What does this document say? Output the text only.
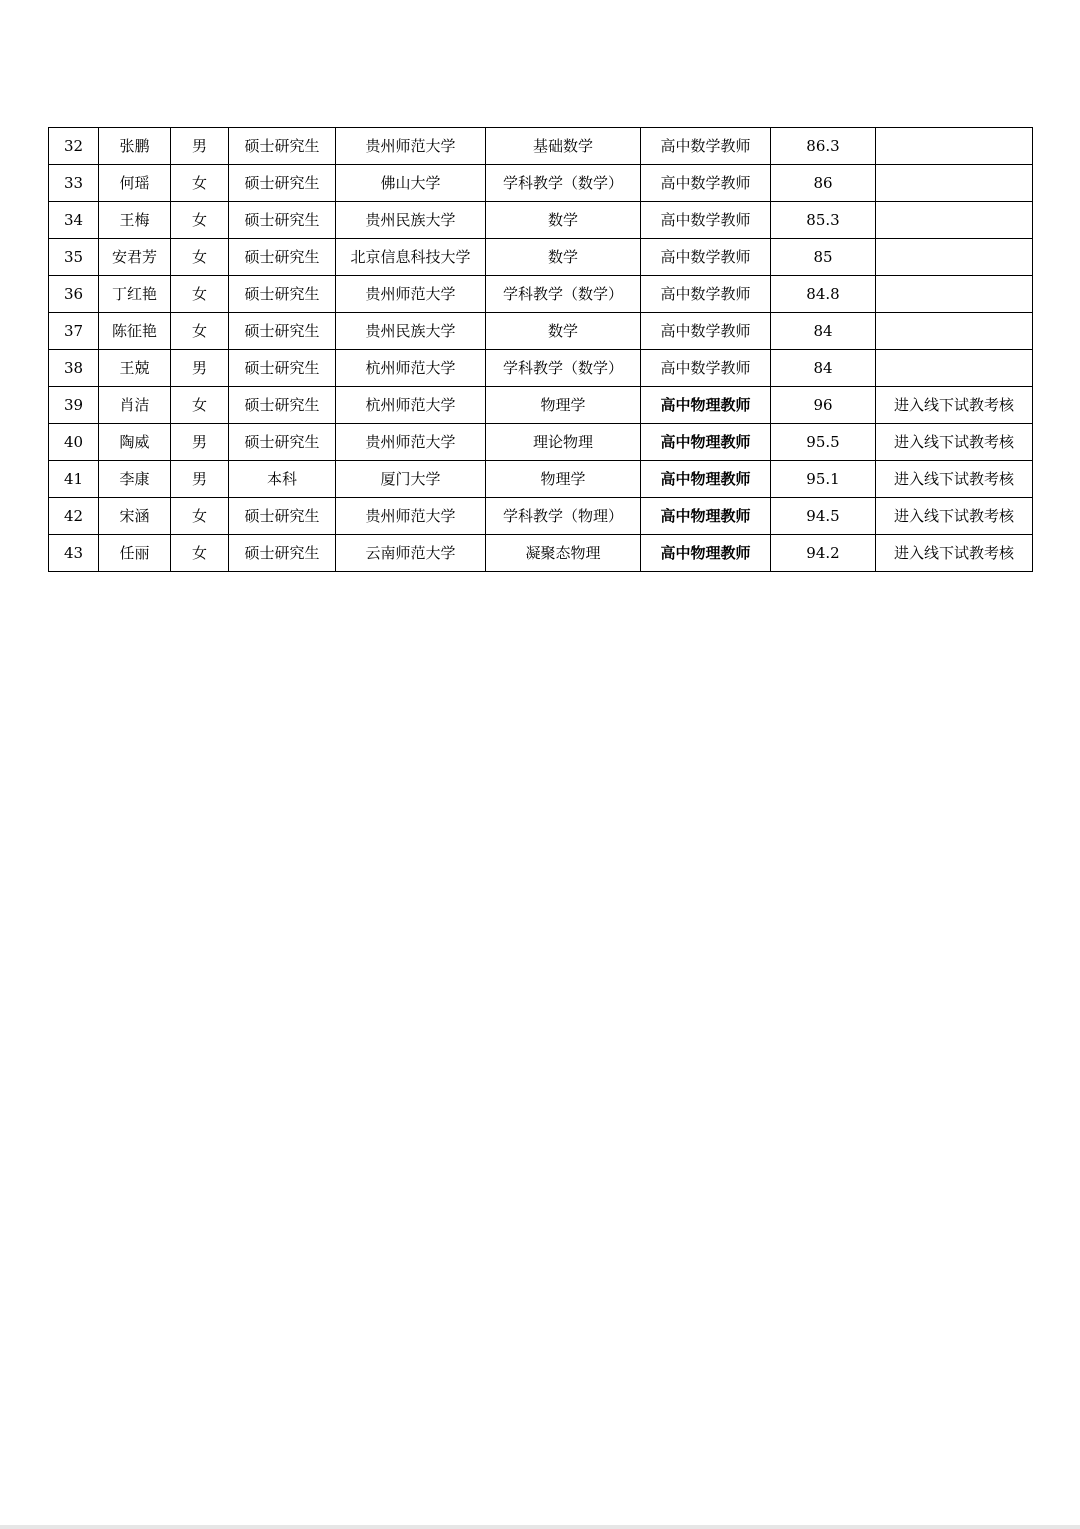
32	张鹏	男	硕士研究生	贵州师范大学	基础数学	高中数学教师	86.3	
33	何瑶	女	硕士研究生	佛山大学	学科教学（数学）	高中数学教师	86	
34	王梅	女	硕士研究生	贵州民族大学	数学	高中数学教师	85.3	
35	安君芳	女	硕士研究生	北京信息科技大学	数学	高中数学教师	85	
36	丁红艳	女	硕士研究生	贵州师范大学	学科教学（数学）	高中数学教师	84.8	
37	陈征艳	女	硕士研究生	贵州民族大学	数学	高中数学教师	84	
38	王兢	男	硕士研究生	杭州师范大学	学科教学（数学）	高中数学教师	84	
39	肖洁	女	硕士研究生	杭州师范大学	物理学	高中物理教师	96	进入线下试教考核
40	陶威	男	硕士研究生	贵州师范大学	理论物理	高中物理教师	95.5	进入线下试教考核
41	李康	男	本科	厦门大学	物理学	高中物理教师	95.1	进入线下试教考核
42	宋涵	女	硕士研究生	贵州师范大学	学科教学（物理）	高中物理教师	94.5	进入线下试教考核
43	任丽	女	硕士研究生	云南师范大学	凝聚态物理	高中物理教师	94.2	进入线下试教考核
